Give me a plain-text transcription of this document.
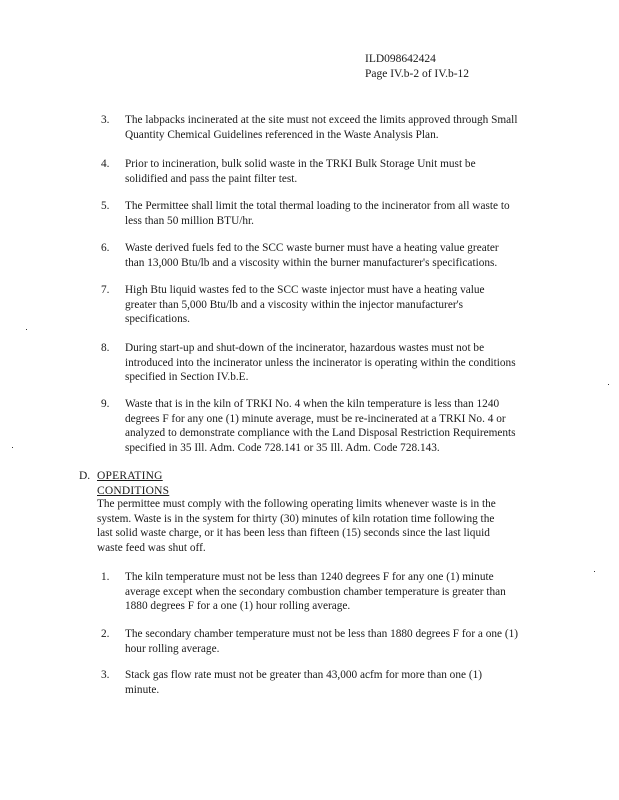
ILD098642424
Page IV.b-2 of IV.b-12
3. The labpacks incinerated at the site must not exceed the limits approved through Small
Quantity Chemical Guidelines referenced in the Waste Analysis Plan.
4. Prior to incineration, bulk solid waste in the TRKI Bulk Storage Unit must be
solidified and pass the paint filter test.
5. The Permittee shall limit the total thermal loading to the incinerator from all waste to
less than 50 million BTU/hr.
6. Waste derived fuels fed to the SCC waste burner must have a heating value greater
than 13,000 Btu/lb and a viscosity within the burner manufacturer's specifications.
7. High Btu liquid wastes fed to the SCC waste injector must have a heating value
greater than 5,000 Btu/lb and a viscosity within the injector manufacturer's
specifications.
8. During start-up and shut-down of the incinerator, hazardous wastes must not be
introduced into the incinerator unless the incinerator is operating within the conditions
specified in Section IV.b.E.
9. Waste that is in the kiln of TRKI No. 4 when the kiln temperature is less than 1240
degrees F for any one (1) minute average, must be re-incinerated at a TRKI No. 4 or
analyzed to demonstrate compliance with the Land Disposal Restriction Requirements
specified in 35 Ill. Adm. Code 728.141 or 35 Ill. Adm. Code 728.143.
D. OPERATING CONDITIONS
The permittee must comply with the following operating limits whenever waste is in the
system. Waste is in the system for thirty (30) minutes of kiln rotation time following the
last solid waste charge, or it has been less than fifteen (15) seconds since the last liquid
waste feed was shut off.
1. The kiln temperature must not be less than 1240 degrees F for any one (1) minute
average except when the secondary combustion chamber temperature is greater than
1880 degrees F for a one (1) hour rolling average.
2. The secondary chamber temperature must not be less than 1880 degrees F for a one (1)
hour rolling average.
3. Stack gas flow rate must not be greater than 43,000 acfm for more than one (1)
minute.
